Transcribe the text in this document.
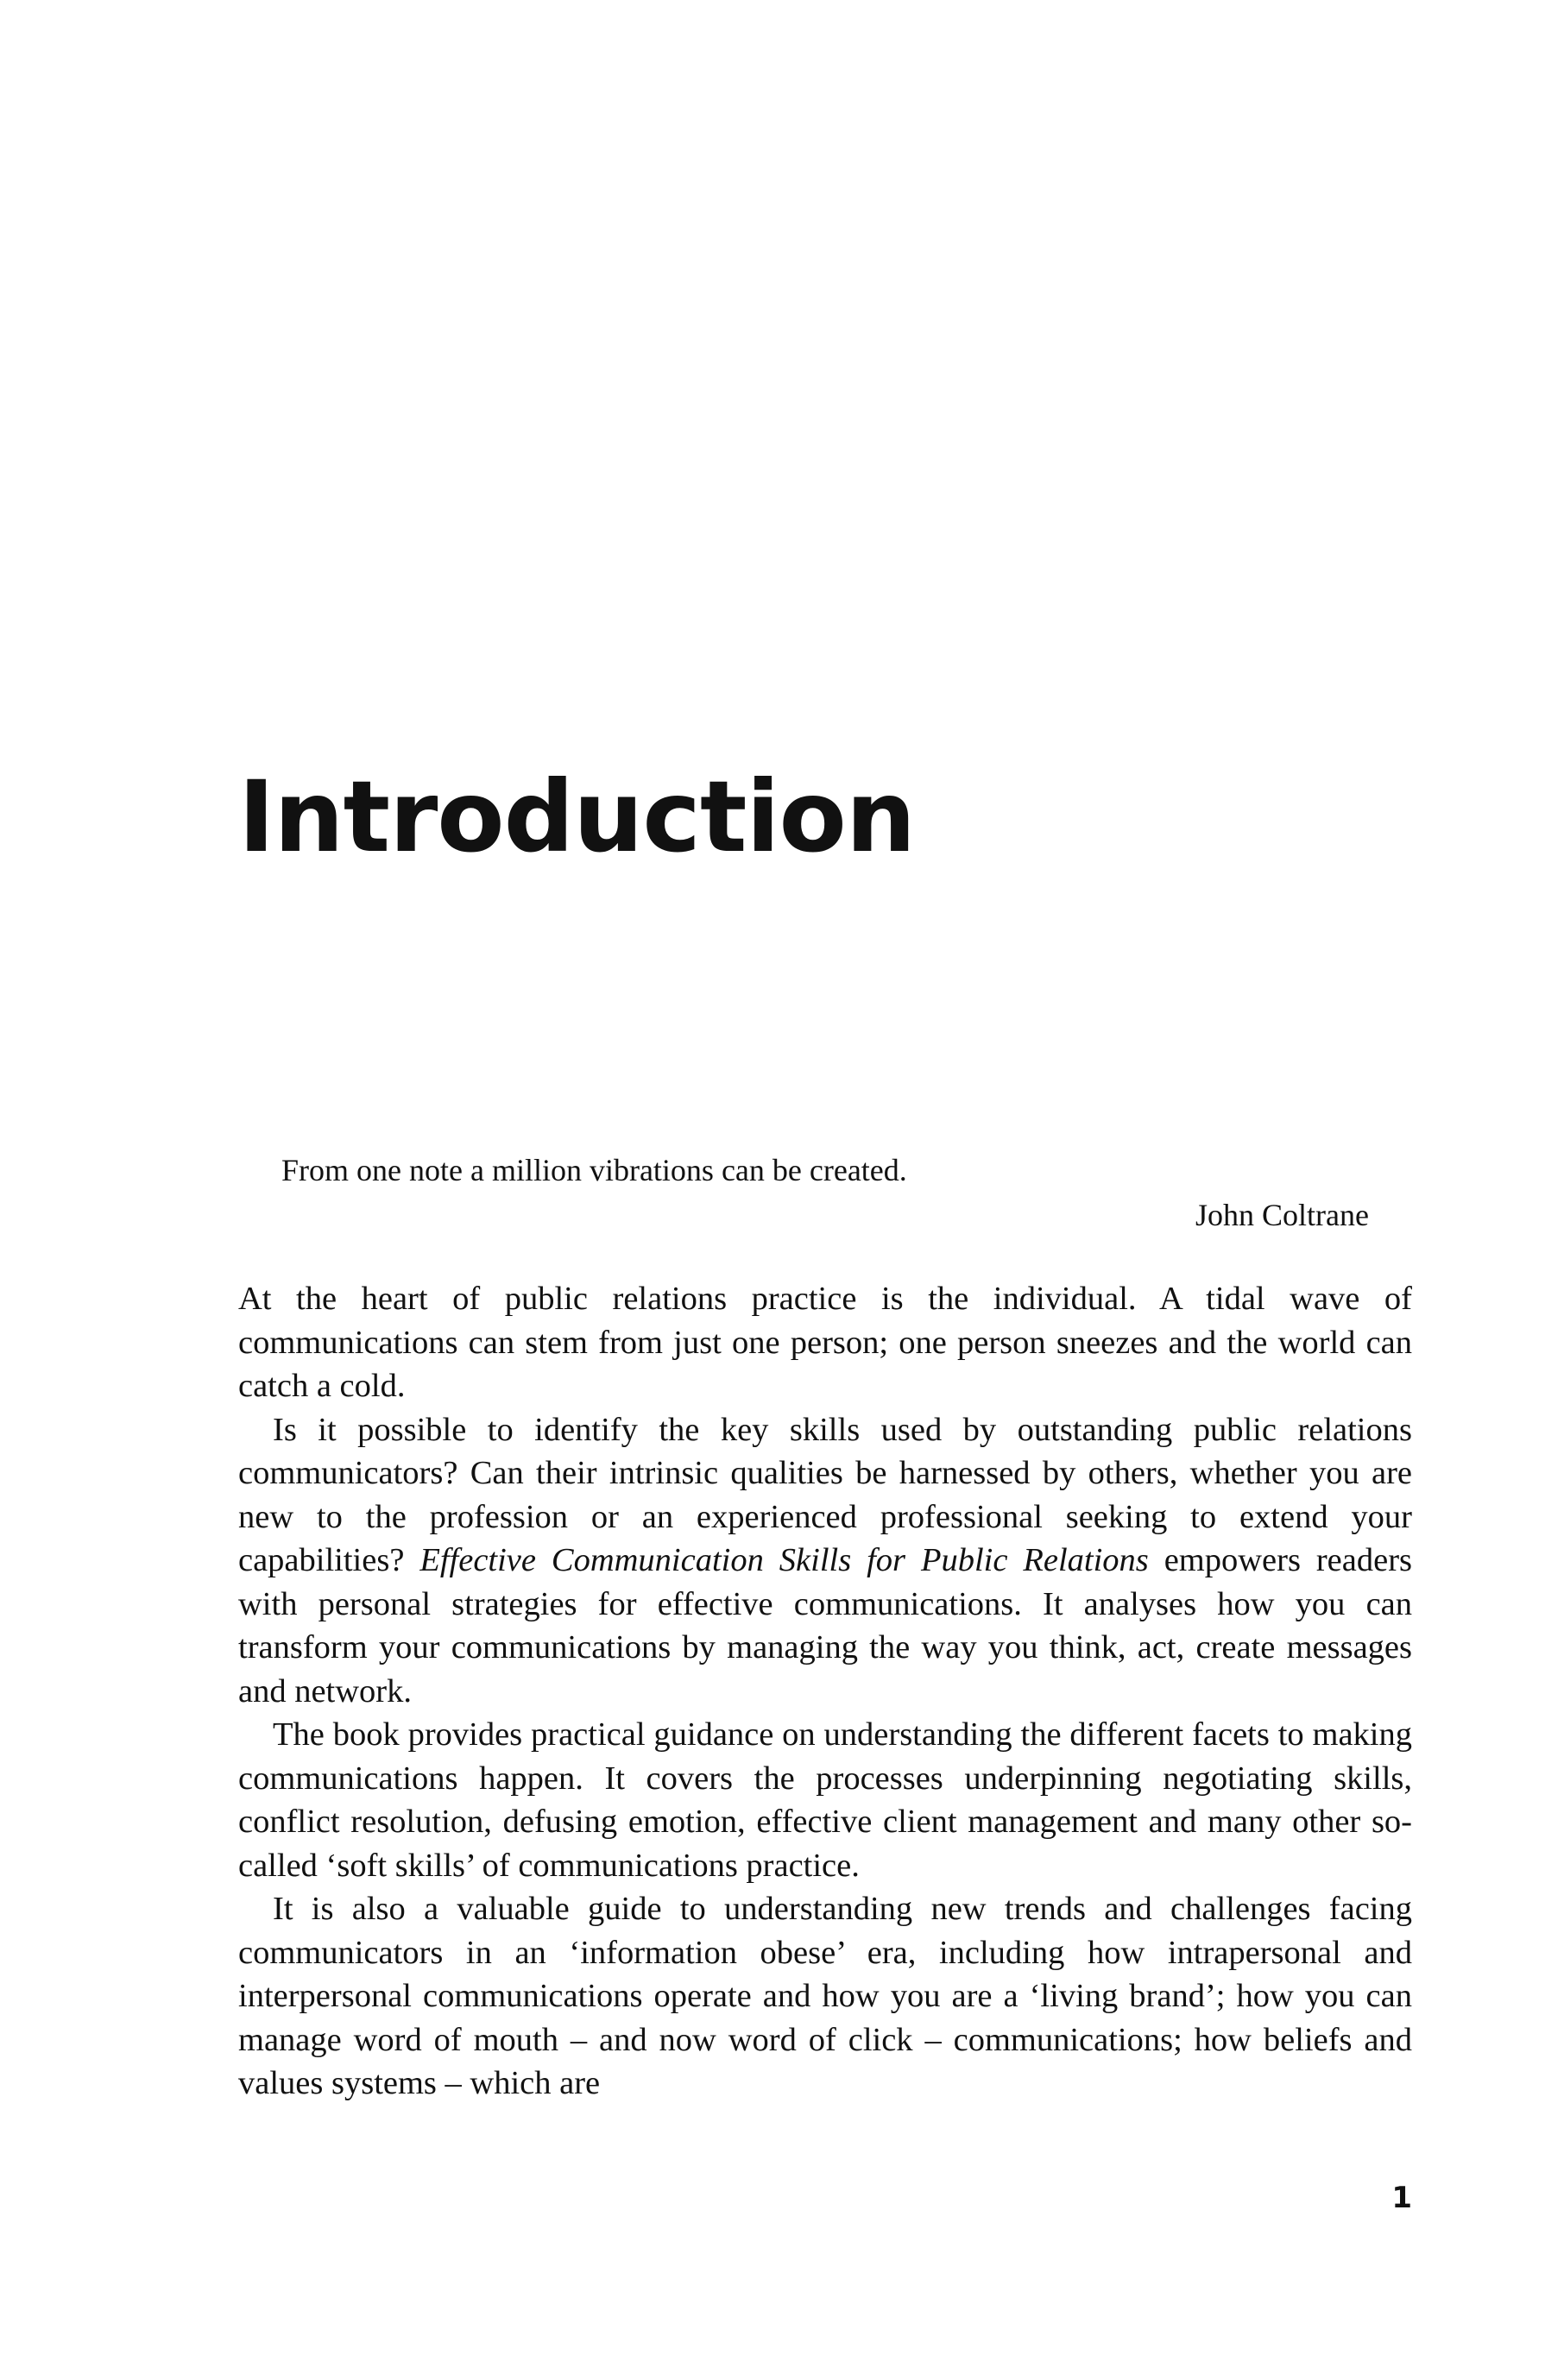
Introduction

From one note a million vibrations can be created.

John Coltrane

At the heart of public relations practice is the individual. A tidal wave of communications can stem from just one person; one person sneezes and the world can catch a cold.

Is it possible to identify the key skills used by outstanding public relations communicators? Can their intrinsic qualities be harnessed by others, whether you are new to the profession or an experienced professional seeking to extend your capabilities? Effective Communication Skills for Public Relations empowers readers with personal strategies for effective communications. It analyses how you can transform your communications by managing the way you think, act, create messages and network.

The book provides practical guidance on understanding the different facets to making communications happen. It covers the processes underpinning negotiating skills, conflict resolution, defusing emotion, effective client management and many other so-called ‘soft skills’ of communications practice.

It is also a valuable guide to understanding new trends and challenges facing communicators in an ‘information obese’ era, including how intrapersonal and interpersonal communications operate and how you are a ‘living brand’; how you can manage word of mouth – and now word of click – communications; how beliefs and values systems – which are

1
